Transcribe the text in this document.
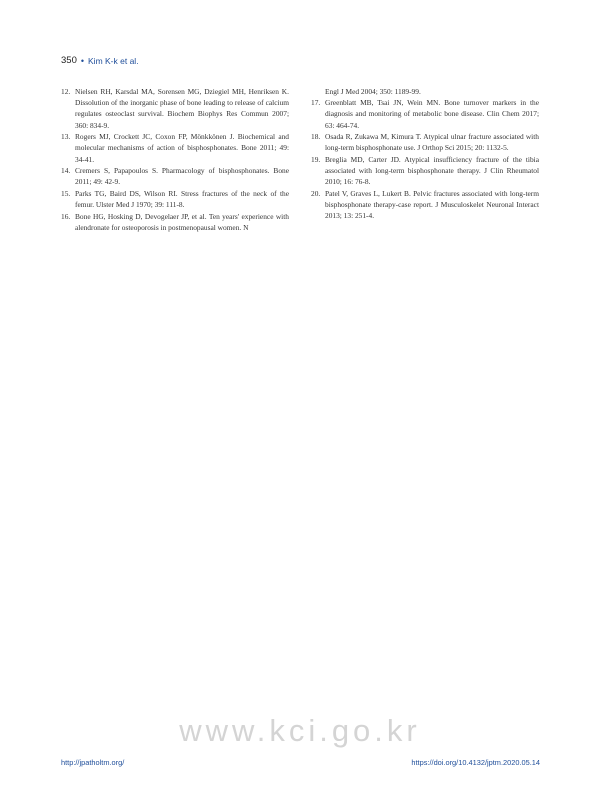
350 • Kim K-k et al.
12. Nielsen RH, Karsdal MA, Sorensen MG, Dziegiel MH, Henriksen K. Dissolution of the inorganic phase of bone leading to release of calcium regulates osteoclast survival. Biochem Biophys Res Commun 2007; 360: 834-9.
13. Rogers MJ, Crockett JC, Coxon FP, Mönkkönen J. Biochemical and molecular mechanisms of action of bisphosphonates. Bone 2011; 49: 34-41.
14. Cremers S, Papapoulos S. Pharmacology of bisphosphonates. Bone 2011; 49: 42-9.
15. Parks TG, Baird DS, Wilson RI. Stress fractures of the neck of the femur. Ulster Med J 1970; 39: 111-8.
16. Bone HG, Hosking D, Devogelaer JP, et al. Ten years' experience with alendronate for osteoporosis in postmenopausal women. N
Engl J Med 2004; 350: 1189-99.
17. Greenblatt MB, Tsai JN, Wein MN. Bone turnover markers in the diagnosis and monitoring of metabolic bone disease. Clin Chem 2017; 63: 464-74.
18. Osada R, Zukawa M, Kimura T. Atypical ulnar fracture associated with long-term bisphosphonate use. J Orthop Sci 2015; 20: 1132-5.
19. Breglia MD, Carter JD. Atypical insufficiency fracture of the tibia associated with long-term bisphosphonate therapy. J Clin Rheumatol 2010; 16: 76-8.
20. Patel V, Graves L, Lukert B. Pelvic fractures associated with long-term bisphosphonate therapy-case report. J Musculoskelet Neuronal Interact 2013; 13: 251-4.
www.kci.go.kr
http://jpatholtm.org/	https://doi.org/10.4132/jptm.2020.05.14
